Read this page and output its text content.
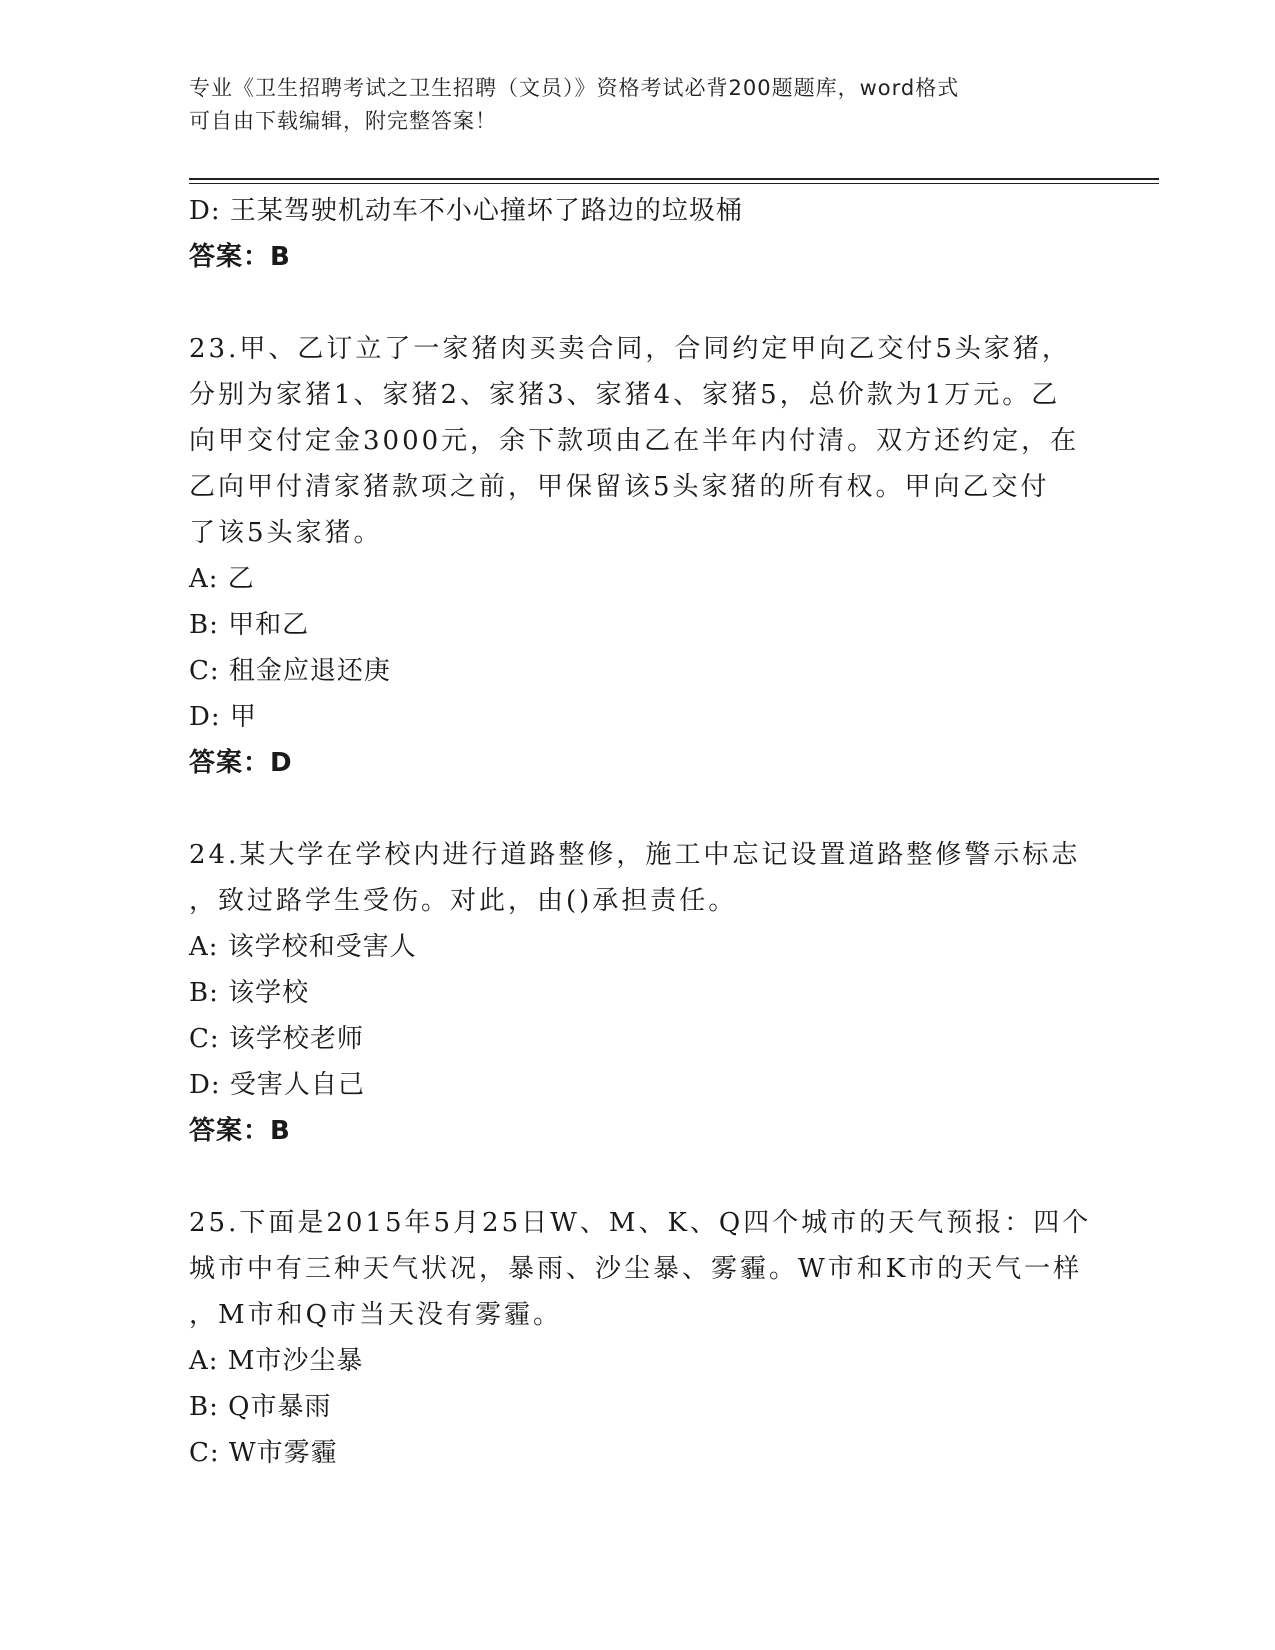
专业《卫生招聘考试之卫生招聘（文员）》资格考试必背200题题库，word格式
可自由下载编辑，附完整答案！
D: 王某驾驶机动车不小心撞坏了路边的垃圾桶
答案：B
23.甲、乙订立了一家猪肉买卖合同，合同约定甲向乙交付5头家猪，
分别为家猪1、家猪2、家猪3、家猪4、家猪5，总价款为1万元。乙
向甲交付定金3000元，余下款项由乙在半年内付清。双方还约定，在
乙向甲付清家猪款项之前，甲保留该5头家猪的所有权。甲向乙交付
了该5头家猪。
A: 乙
B: 甲和乙
C: 租金应退还庚
D: 甲
答案：D
24.某大学在学校内进行道路整修，施工中忘记设置道路整修警示标志
，致过路学生受伤。对此，由()承担责任。
A: 该学校和受害人
B: 该学校
C: 该学校老师
D: 受害人自己
答案：B
25.下面是2015年5月25日W、M、K、Q四个城市的天气预报：四个
城市中有三种天气状况，暴雨、沙尘暴、雾霾。W市和K市的天气一样
，M市和Q市当天没有雾霾。
A: M市沙尘暴
B: Q市暴雨
C: W市雾霾
